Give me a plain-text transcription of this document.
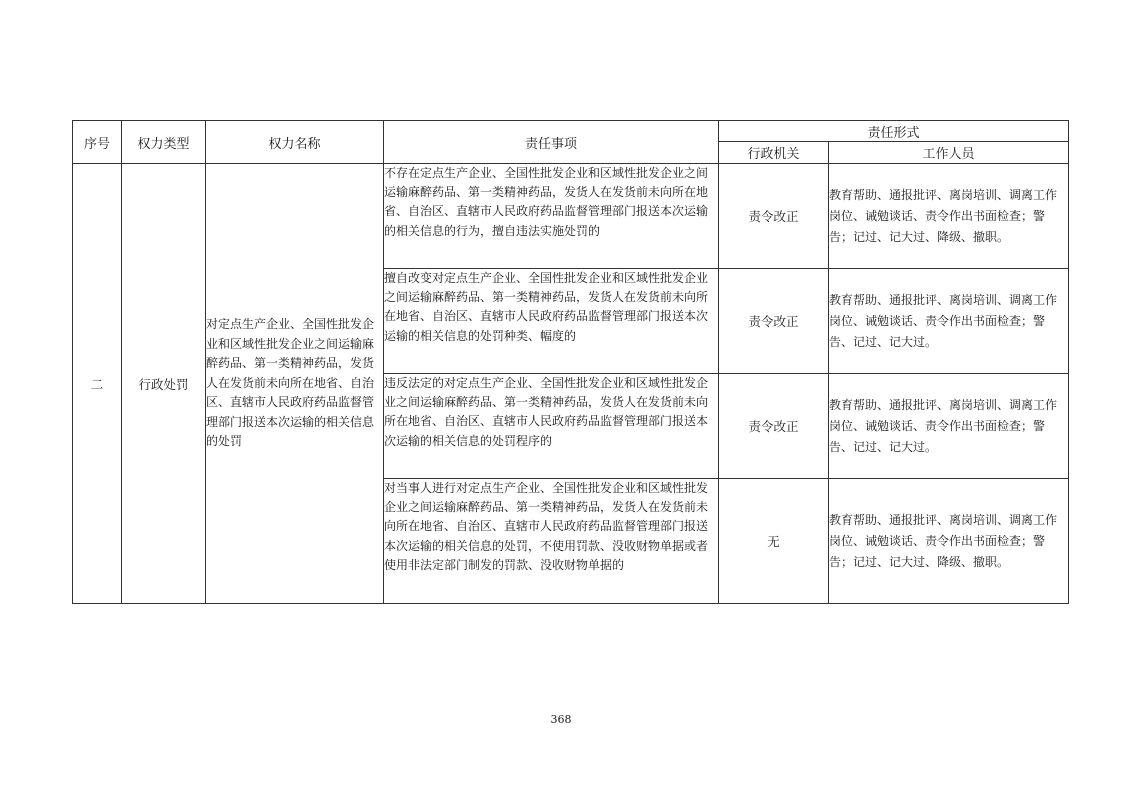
序号	权力类型	权力名称	责任事项	责任形式	
				行政机关	工作人员
二	行政处罚	对定点生产企业、全国性批发企业和区域性批发企业之间运输麻醉药品、第一类精神药品，发货人在发货前未向所在地省、自治区、直辖市人民政府药品监督管理部门报送本次运输的相关信息的处罚	不存在定点生产企业、全国性批发企业和区域性批发企业之间运输麻醉药品、第一类精神药品，发货人在发货前未向所在地省、自治区、直辖市人民政府药品监督管理部门报送本次运输的相关信息的行为，擅自违法实施处罚的	责令改正	教育帮助、通报批评、离岗培训、调离工作岗位、诫勉谈话、责令作出书面检查；警告；记过、记大过、降级、撤职。
			擅自改变对定点生产企业、全国性批发企业和区域性批发企业之间运输麻醉药品、第一类精神药品，发货人在发货前未向所在地省、自治区、直辖市人民政府药品监督管理部门报送本次运输的相关信息的处罚种类、幅度的	责令改正	教育帮助、通报批评、离岗培训、调离工作岗位、诫勉谈话、责令作出书面检查；警告、记过、记大过。
			违反法定的对定点生产企业、全国性批发企业和区域性批发企业之间运输麻醉药品、第一类精神药品，发货人在发货前未向所在地省、自治区、直辖市人民政府药品监督管理部门报送本次运输的相关信息的处罚程序的	责令改正	教育帮助、通报批评、离岗培训、调离工作岗位、诫勉谈话、责令作出书面检查；警告、记过、记大过。
			对当事人进行对定点生产企业、全国性批发企业和区域性批发企业之间运输麻醉药品、第一类精神药品，发货人在发货前未向所在地省、自治区、直辖市人民政府药品监督管理部门报送本次运输的相关信息的处罚，不使用罚款、没收财物单据或者使用非法定部门制发的罚款、没收财物单据的	无	教育帮助、通报批评、离岗培训、调离工作岗位、诫勉谈话、责令作出书面检查；警告；记过、记大过、降级、撤职。
368
